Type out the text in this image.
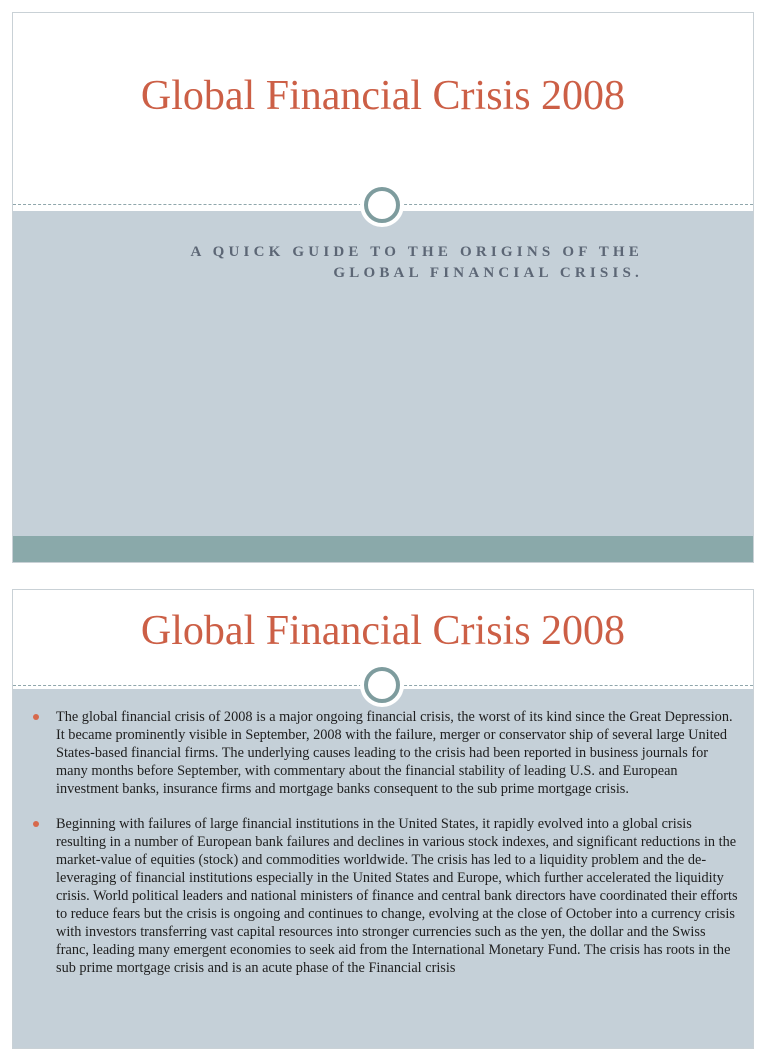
Global Financial Crisis 2008

A QUICK GUIDE TO THE ORIGINS OF THE GLOBAL FINANCIAL CRISIS.

Global Financial Crisis 2008

The global financial crisis of 2008 is a major ongoing financial crisis, the worst of its kind since the Great Depression. It became prominently visible in September, 2008 with the failure, merger or conservator ship of several large United States-based financial firms. The underlying causes leading to the crisis had been reported in business journals for many months before September, with commentary about the financial stability of leading U.S. and European investment banks, insurance firms and mortgage banks consequent to the sub prime mortgage crisis.

Beginning with failures of large financial institutions in the United States, it rapidly evolved into a global crisis resulting in a number of European bank failures and declines in various stock indexes, and significant reductions in the market-value of equities (stock) and commodities worldwide. The crisis has led to a liquidity problem and the de-leveraging of financial institutions especially in the United States and Europe, which further accelerated the liquidity crisis. World political leaders and national ministers of finance and central bank directors have coordinated their efforts to reduce fears but the crisis is ongoing and continues to change, evolving at the close of October into a currency crisis with investors transferring vast capital resources into stronger currencies such as the yen, the dollar and the Swiss franc, leading many emergent economies to seek aid from the International Monetary Fund. The crisis has roots in the sub prime mortgage crisis and is an acute phase of the Financial crisis
